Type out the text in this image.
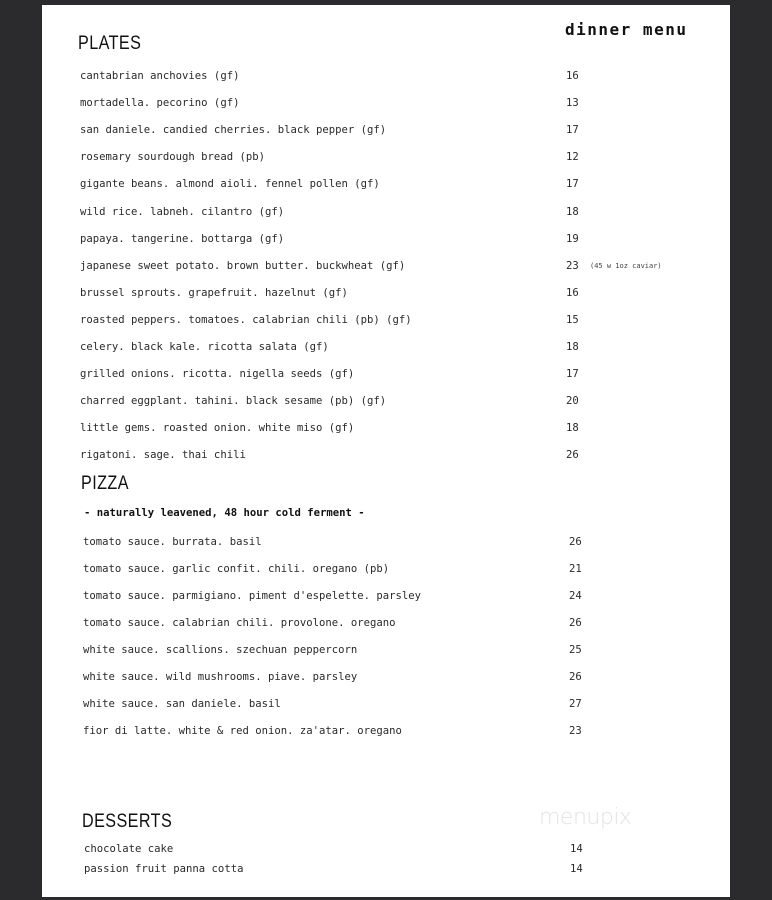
dinner menu
PLATES
cantabrian anchovies (gf)	16
mortadella. pecorino (gf)	13
san daniele. candied cherries. black pepper (gf)	17
rosemary sourdough bread (pb)	12
gigante beans. almond aioli. fennel pollen (gf)	17
wild rice. labneh. cilantro (gf)	18
papaya. tangerine. bottarga (gf)	19
japanese sweet potato. brown butter. buckwheat (gf)	23 (45 w 1oz caviar)
brussel sprouts. grapefruit. hazelnut (gf)	16
roasted peppers. tomatoes. calabrian chili (pb) (gf)	15
celery. black kale. ricotta salata (gf)	18
grilled onions. ricotta. nigella seeds (gf)	17
charred eggplant. tahini. black sesame (pb) (gf)	20
little gems. roasted onion. white miso (gf)	18
rigatoni. sage. thai chili	26
PIZZA
- naturally leavened, 48 hour cold ferment -
tomato sauce. burrata. basil	26
tomato sauce. garlic confit. chili. oregano (pb)	21
tomato sauce. parmigiano. piment d'espelette. parsley	24
tomato sauce. calabrian chili. provolone. oregano	26
white sauce. scallions. szechuan peppercorn	25
white sauce. wild mushrooms. piave. parsley	26
white sauce. san daniele. basil	27
fior di latte. white & red onion. za'atar. oregano	23
DESSERTS
chocolate cake	14
passion fruit panna cotta	14
menupix
